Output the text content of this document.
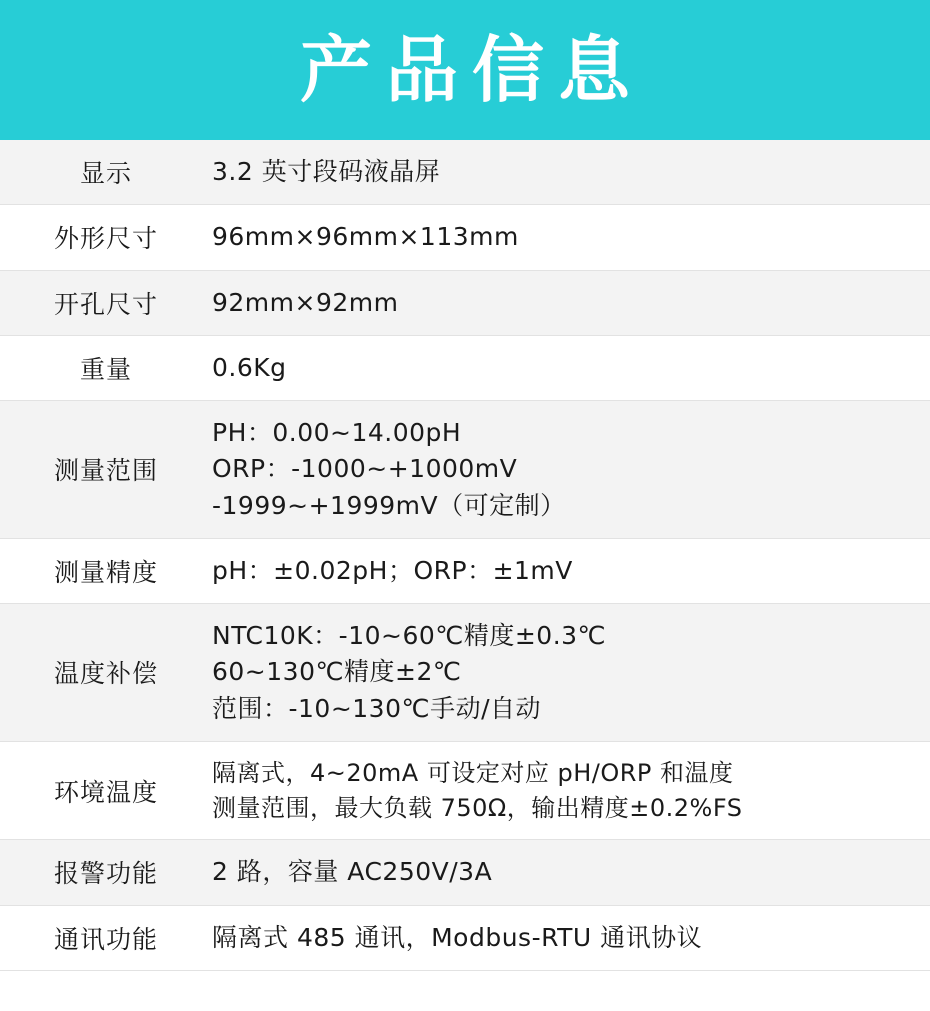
产品信息
显示	3.2 英寸段码液晶屏

外形尺寸	96mm×96mm×113mm

开孔尺寸	92mm×92mm

重量	0.6Kg

测量范围	PH：0.00~14.00pH
ORP：-1000~+1000mV
-1999~+1999mV（可定制）

测量精度	pH：±0.02pH；ORP：±1mV

温度补偿	NTC10K：-10~60℃精度±0.3℃
60~130℃精度±2℃
范围：-10~130℃手动/自动

环境温度	隔离式，4~20mA 可设定对应 pH/ORP 和温度
测量范围，最大负载 750Ω，输出精度±0.2%FS

报警功能	2 路，容量 AC250V/3A

通讯功能	隔离式 485 通讯，Modbus-RTU 通讯协议
